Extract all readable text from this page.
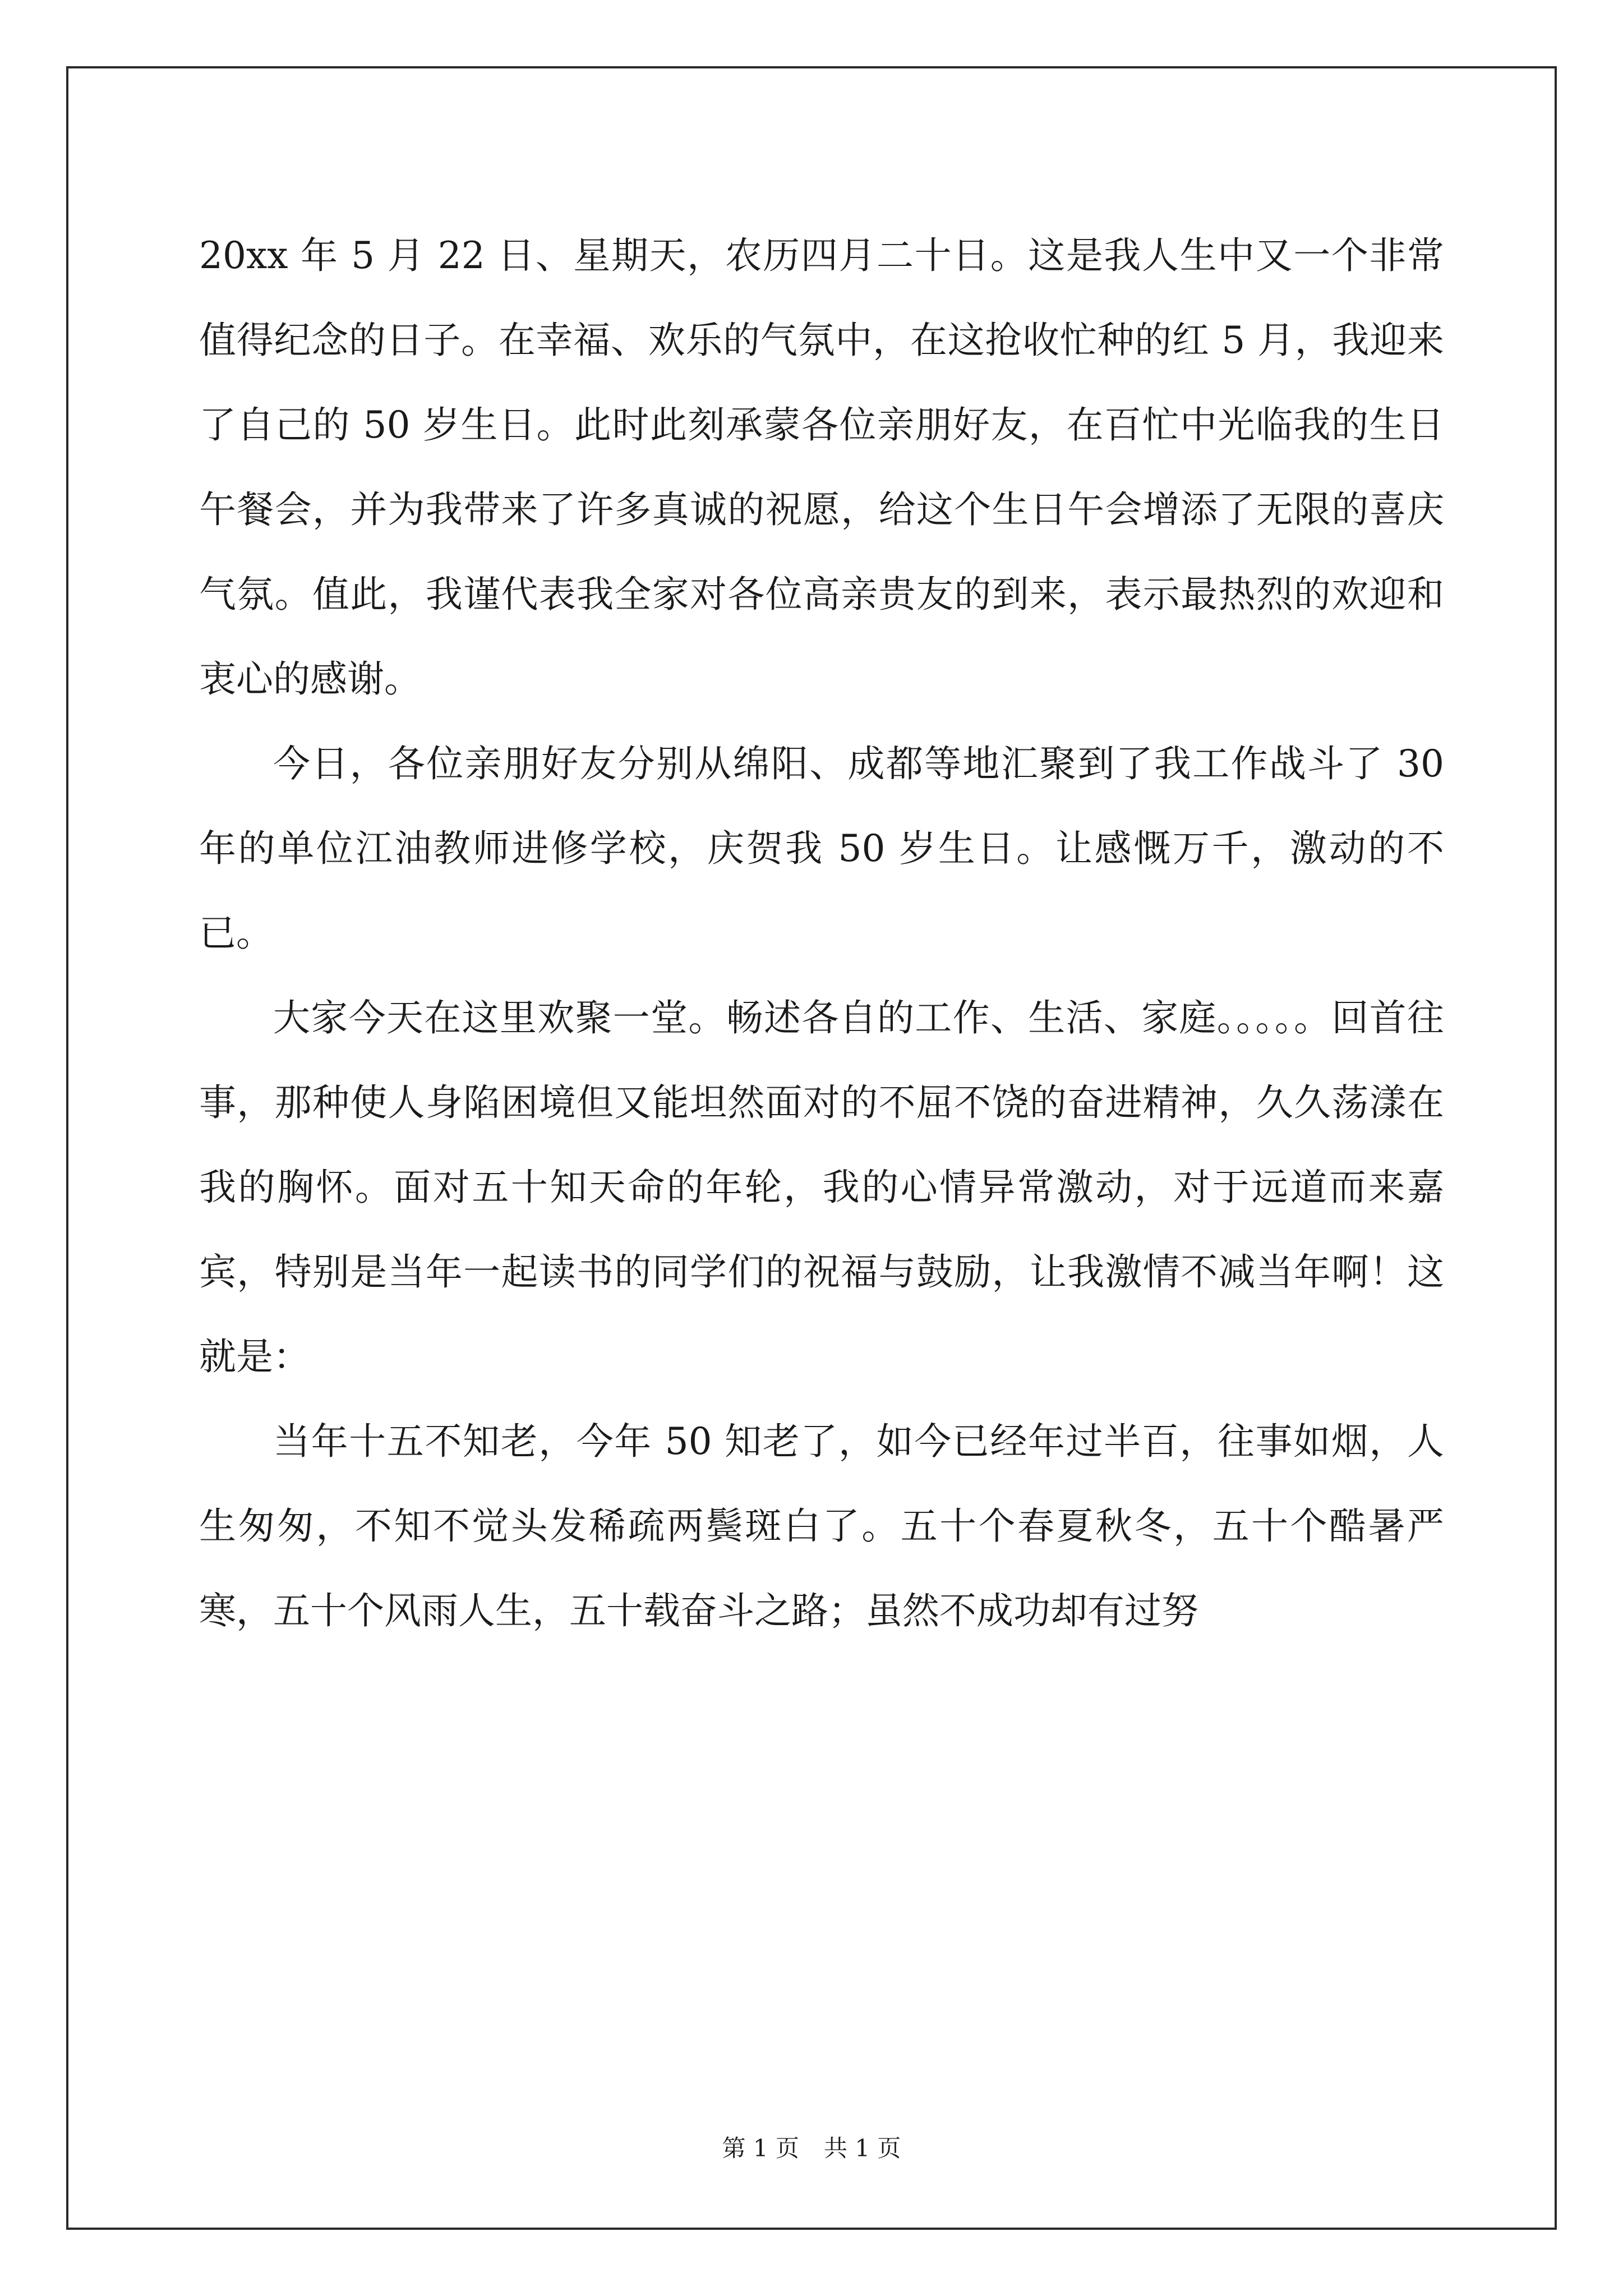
20xx 年 5 月 22 日、星期天，农历四月二十日。这是我人生中又一个非常值得纪念的日子。在幸福、欢乐的气氛中，在这抢收忙种的红 5 月，我迎来了自己的 50 岁生日。此时此刻承蒙各位亲朋好友，在百忙中光临我的生日午餐会，并为我带来了许多真诚的祝愿，给这个生日午会增添了无限的喜庆气氛。值此，我谨代表我全家对各位高亲贵友的到来，表示最热烈的欢迎和衷心的感谢。

今日，各位亲朋好友分别从绵阳、成都等地汇聚到了我工作战斗了 30 年的单位江油教师进修学校，庆贺我 50 岁生日。让感慨万千，激动的不已。

大家今天在这里欢聚一堂。畅述各自的工作、生活、家庭。。。。。回首往事，那种使人身陷困境但又能坦然面对的不屈不饶的奋进精神，久久荡漾在我的胸怀。面对五十知天命的年轮，我的心情异常激动，对于远道而来嘉宾，特别是当年一起读书的同学们的祝福与鼓励，让我激情不减当年啊！这就是：

当年十五不知老，今年 50 知老了，如今已经年过半百，往事如烟，人生匆匆，不知不觉头发稀疏两鬓斑白了。五十个春夏秋冬，五十个酷暑严寒，五十个风雨人生，五十载奋斗之路；虽然不成功却有过努

第 1 页 共 1 页
